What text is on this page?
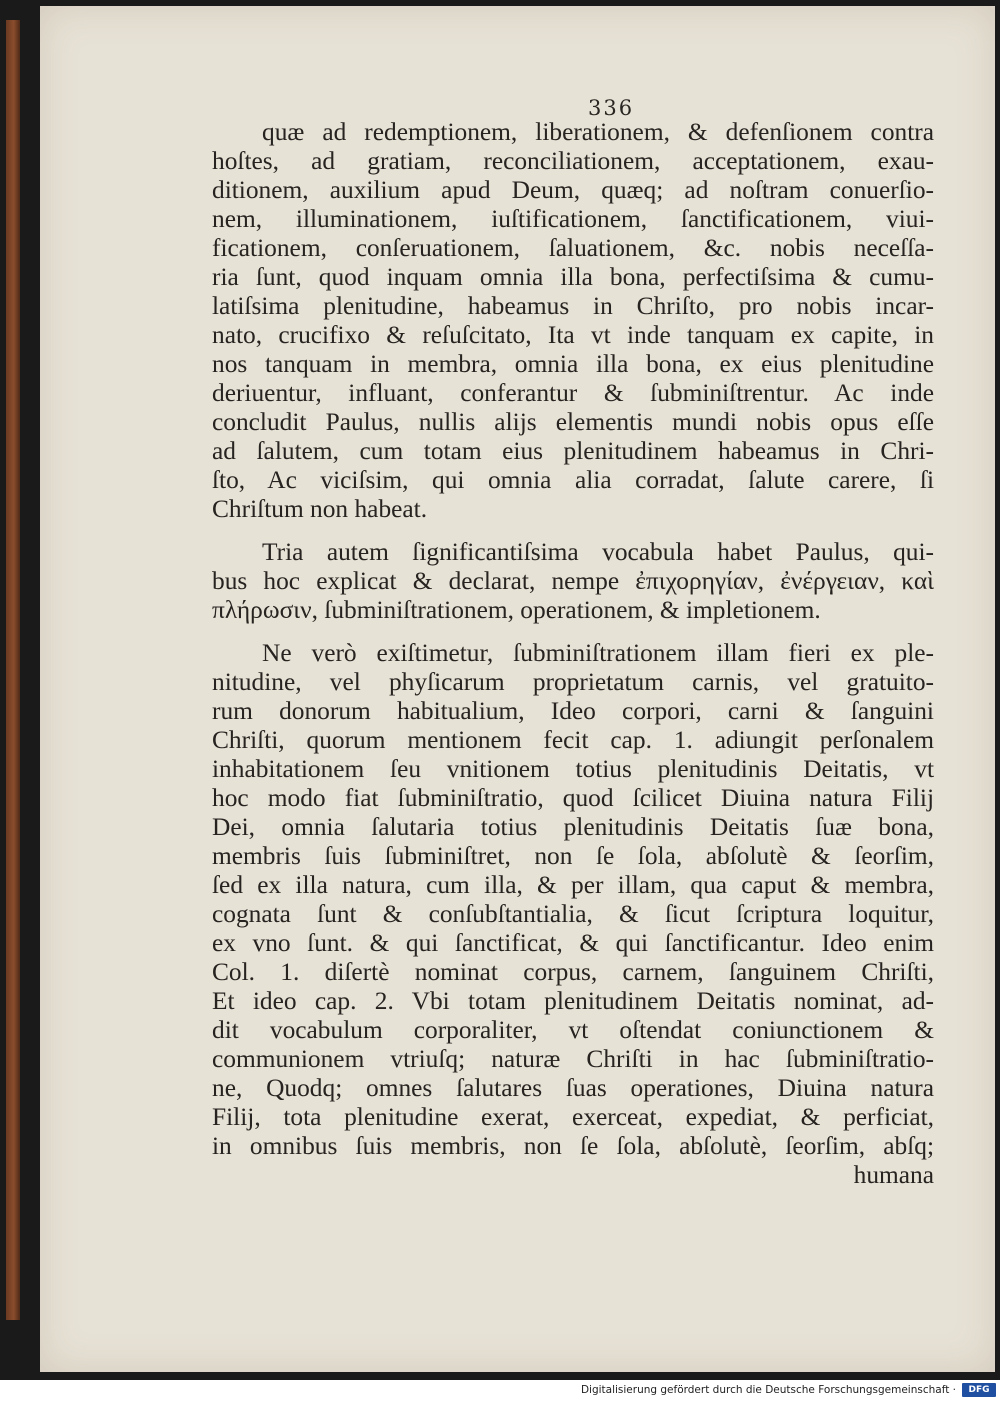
336
quæ ad redemptionem, liberationem, & defenſionem contra
hoſtes, ad gratiam, reconciliationem, acceptationem, exau-
ditionem, auxilium apud Deum, quæq; ad noſtram conuerſio-
nem, illuminationem, iuſtificationem, ſanctificationem, viui-
ficationem, conſeruationem, ſaluationem, &c. nobis neceſſa-
ria ſunt, quod inquam omnia illa bona, perfectiſsima & cumu-
latiſsima plenitudine, habeamus in Chriſto, pro nobis incar-
nato, crucifixo & reſuſcitato, Ita vt inde tanquam ex capite, in
nos tanquam in membra, omnia illa bona, ex eius plenitudine
deriuentur, influant, conferantur & ſubminiſtrentur. Ac inde
concludit Paulus, nullis alijs elementis mundi nobis opus eſſe
ad ſalutem, cum totam eius plenitudinem habeamus in Chri-
ſto, Ac viciſsim, qui omnia alia corradat, ſalute carere, ſi
Chriſtum non habeat.
Tria autem ſignificantiſsima vocabula habet Paulus, qui-
bus hoc explicat & declarat, nempe ἐπιχορηγίαν, ἐνέργειαν, καὶ
πλήρωσιν, ſubminiſtrationem, operationem, & impletionem.
Ne verò exiſtimetur, ſubminiſtrationem illam fieri ex ple-
nitudine, vel phyſicarum proprietatum carnis, vel gratuito-
rum donorum habitualium, Ideo corpori, carni & ſanguini
Chriſti, quorum mentionem fecit cap. 1. adiungit perſonalem
inhabitationem ſeu vnitionem totius plenitudinis Deitatis, vt
hoc modo fiat ſubminiſtratio, quod ſcilicet Diuina natura Filij
Dei, omnia ſalutaria totius plenitudinis Deitatis ſuæ bona,
membris ſuis ſubminiſtret, non ſe ſola, abſolutè & ſeorſim,
ſed ex illa natura, cum illa, & per illam, qua caput & membra,
cognata ſunt & conſubſtantialia, & ſicut ſcriptura loquitur,
ex vno ſunt. & qui ſanctificat, & qui ſanctificantur. Ideo enim
Col. 1. diſertè nominat corpus, carnem, ſanguinem Chriſti,
Et ideo cap. 2. Vbi totam plenitudinem Deitatis nominat, ad-
dit vocabulum corporaliter, vt oſtendat coniunctionem &
communionem vtriuſq; naturæ Chriſti in hac ſubminiſtratio-
ne, Quodq; omnes ſalutares ſuas operationes, Diuina natura
Filij, tota plenitudine exerat, exerceat, expediat, & perficiat,
in omnibus ſuis membris, non ſe ſola, abſolutè, ſeorſim, abſq;
humana
Digitalisierung gefördert durch die Deutsche Forschungsgemeinschaft ·	DFG
